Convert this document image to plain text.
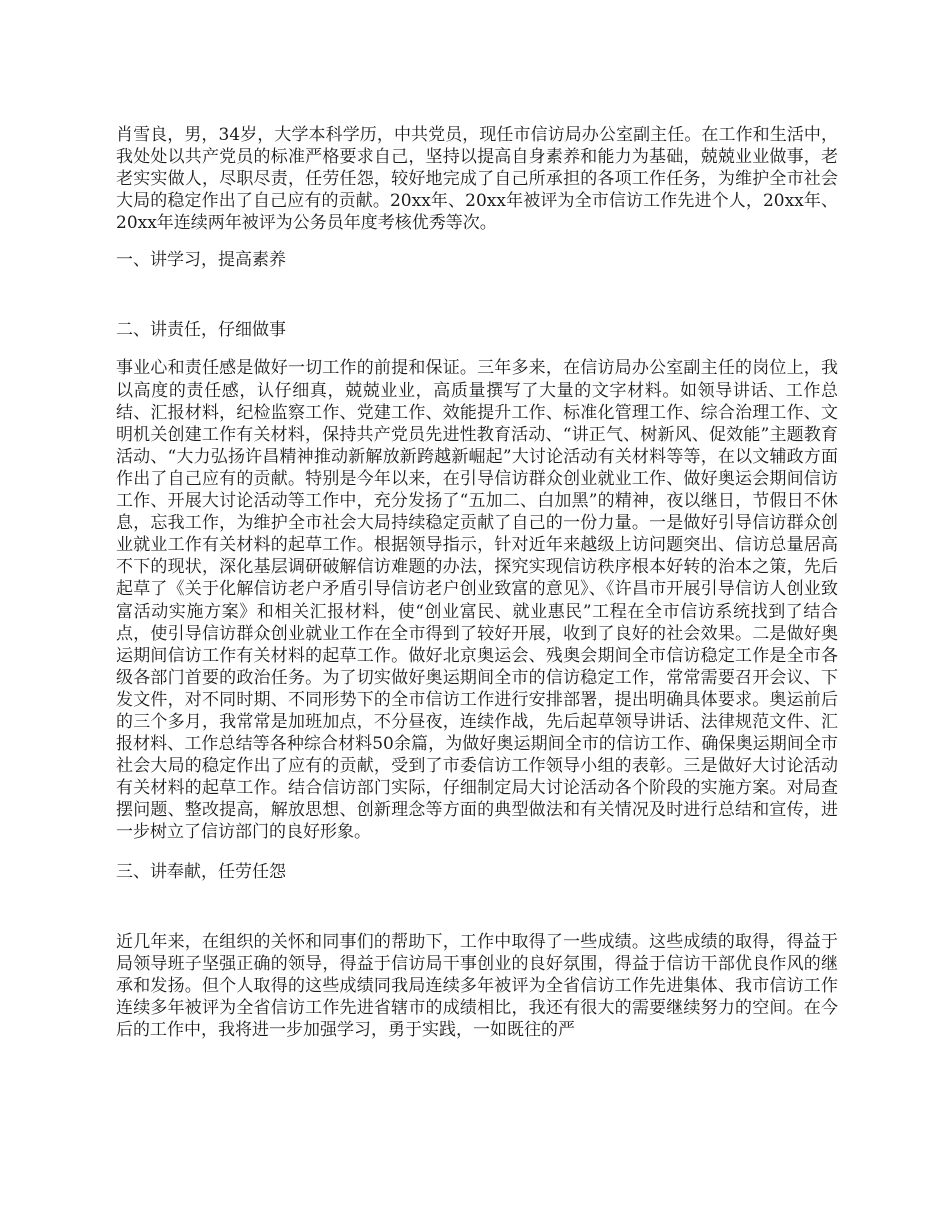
肖雪良，男，34岁，大学本科学历，中共党员，现任市信访局办公室副主任。在工作和生活中，我处处以共产党员的标准严格要求自己，坚持以提高自身素养和能力为基础，兢兢业业做事，老老实实做人，尽职尽责，任劳任怨，较好地完成了自己所承担的各项工作任务，为维护全市社会大局的稳定作出了自己应有的贡献。20xx年、20xx年被评为全市信访工作先进个人，20xx年、20xx年连续两年被评为公务员年度考核优秀等次。

一、讲学习，提高素养

二、讲责任，仔细做事

事业心和责任感是做好一切工作的前提和保证。三年多来，在信访局办公室副主任的岗位上，我以高度的责任感，认仔细真，兢兢业业，高质量撰写了大量的文字材料。如领导讲话、工作总结、汇报材料，纪检监察工作、党建工作、效能提升工作、标准化管理工作、综合治理工作、文明机关创建工作有关材料，保持共产党员先进性教育活动、“讲正气、树新风、促效能”主题教育活动、“大力弘扬许昌精神推动新解放新跨越新崛起”大讨论活动有关材料等等，在以文辅政方面作出了自己应有的贡献。特别是今年以来，在引导信访群众创业就业工作、做好奥运会期间信访工作、开展大讨论活动等工作中，充分发扬了“五加二、白加黑”的精神，夜以继日，节假日不休息，忘我工作，为维护全市社会大局持续稳定贡献了自己的一份力量。一是做好引导信访群众创业就业工作有关材料的起草工作。根据领导指示，针对近年来越级上访问题突出、信访总量居高不下的现状，深化基层调研破解信访难题的办法，探究实现信访秩序根本好转的治本之策，先后起草了《关于化解信访老户矛盾引导信访老户创业致富的意见》、《许昌市开展引导信访人创业致富活动实施方案》和相关汇报材料，使“创业富民、就业惠民”工程在全市信访系统找到了结合点，使引导信访群众创业就业工作在全市得到了较好开展，收到了良好的社会效果。二是做好奥运期间信访工作有关材料的起草工作。做好北京奥运会、残奥会期间全市信访稳定工作是全市各级各部门首要的政治任务。为了切实做好奥运期间全市的信访稳定工作，常常需要召开会议、下发文件，对不同时期、不同形势下的全市信访工作进行安排部署，提出明确具体要求。奥运前后的三个多月，我常常是加班加点，不分昼夜，连续作战，先后起草领导讲话、法律规范文件、汇报材料、工作总结等各种综合材料50余篇，为做好奥运期间全市的信访工作、确保奥运期间全市社会大局的稳定作出了应有的贡献，受到了市委信访工作领导小组的表彰。三是做好大讨论活动有关材料的起草工作。结合信访部门实际，仔细制定局大讨论活动各个阶段的实施方案。对局查摆问题、整改提高，解放思想、创新理念等方面的典型做法和有关情况及时进行总结和宣传，进一步树立了信访部门的良好形象。

三、讲奉献，任劳任怨

近几年来，在组织的关怀和同事们的帮助下，工作中取得了一些成绩。这些成绩的取得，得益于局领导班子坚强正确的领导，得益于信访局干事创业的良好氛围，得益于信访干部优良作风的继承和发扬。但个人取得的这些成绩同我局连续多年被评为全省信访工作先进集体、我市信访工作连续多年被评为全省信访工作先进省辖市的成绩相比，我还有很大的需要继续努力的空间。在今后的工作中，我将进一步加强学习，勇于实践，一如既往的严
